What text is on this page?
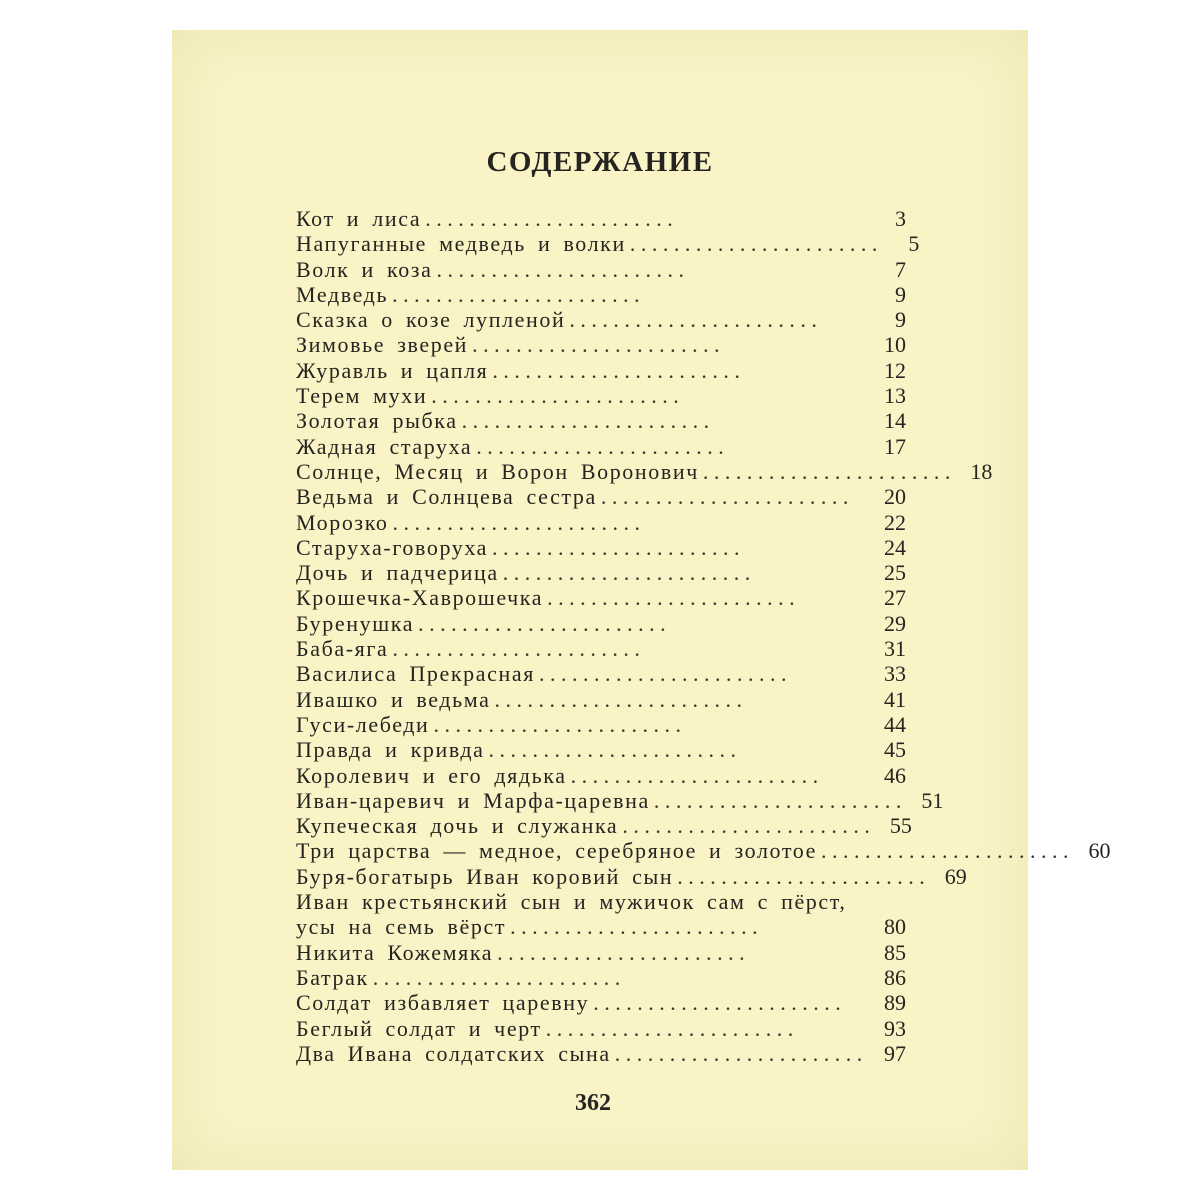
СОДЕРЖАНИЕ
Кот и лиса . . . . . . . . . . . . . . . . . . . . . . .	3
Напуганные медведь и волки . . . . . . . . . . . . . . . . . . . . . . .	5
Волк и коза . . . . . . . . . . . . . . . . . . . . . . .	7
Медведь . . . . . . . . . . . . . . . . . . . . . . .	9
Сказка о козе лупленой . . . . . . . . . . . . . . . . . . . . . . .	9
Зимовье зверей . . . . . . . . . . . . . . . . . . . . . . .	10
Журавль и цапля . . . . . . . . . . . . . . . . . . . . . . .	12
Терем мухи . . . . . . . . . . . . . . . . . . . . . . .	13
Золотая рыбка . . . . . . . . . . . . . . . . . . . . . . .	14
Жадная старуха . . . . . . . . . . . . . . . . . . . . . . .	17
Солнце, Месяц и Ворон Воронович . . . . . . . . . . . . . . . . . . . . . . . 18
Ведьма и Солнцева сестра . . . . . . . . . . . . . . . . . . . . . . .	20
Морозко . . . . . . . . . . . . . . . . . . . . . . .	22
Старуха-говоруха . . . . . . . . . . . . . . . . . . . . . . .	24
Дочь и падчерица . . . . . . . . . . . . . . . . . . . . . . .	25
Крошечка-Хаврошечка . . . . . . . . . . . . . . . . . . . . . . .	27
Буренушка . . . . . . . . . . . . . . . . . . . . . . .	29
Баба-яга . . . . . . . . . . . . . . . . . . . . . . .	31
Василиса Прекрасная . . . . . . . . . . . . . . . . . . . . . . .	33
Ивашко и ведьма . . . . . . . . . . . . . . . . . . . . . . .	41
Гуси-лебеди . . . . . . . . . . . . . . . . . . . . . . .	44
Правда и кривда . . . . . . . . . . . . . . . . . . . . . . .	45
Королевич и его дядька . . . . . . . . . . . . . . . . . . . . . . .	46
Иван-царевич и Марфа-царевна . . . . . . . . . . . . . . . . . . . . . . . 51
Купеческая дочь и служанка . . . . . . . . . . . . . . . . . . . . . . . 55
Три царства — медное, серебряное и золотое . . . . . . . . . . . . . . . . . . . . . . . 60
Буря-богатырь Иван коровий сын . . . . . . . . . . . . . . . . . . . . . . . 69
Иван крестьянский сын и мужичок сам с пёрст,
усы на семь вёрст . . . . . . . . . . . . . . . . . . . . . . .	80
Никита Кожемяка . . . . . . . . . . . . . . . . . . . . . . .	85
Батрак . . . . . . . . . . . . . . . . . . . . . . .	86
Солдат избавляет царевну . . . . . . . . . . . . . . . . . . . . . . .	89
Беглый солдат и черт . . . . . . . . . . . . . . . . . . . . . . .	93
Два Ивана солдатских сына . . . . . . . . . . . . . . . . . . . . . . . 97
362
